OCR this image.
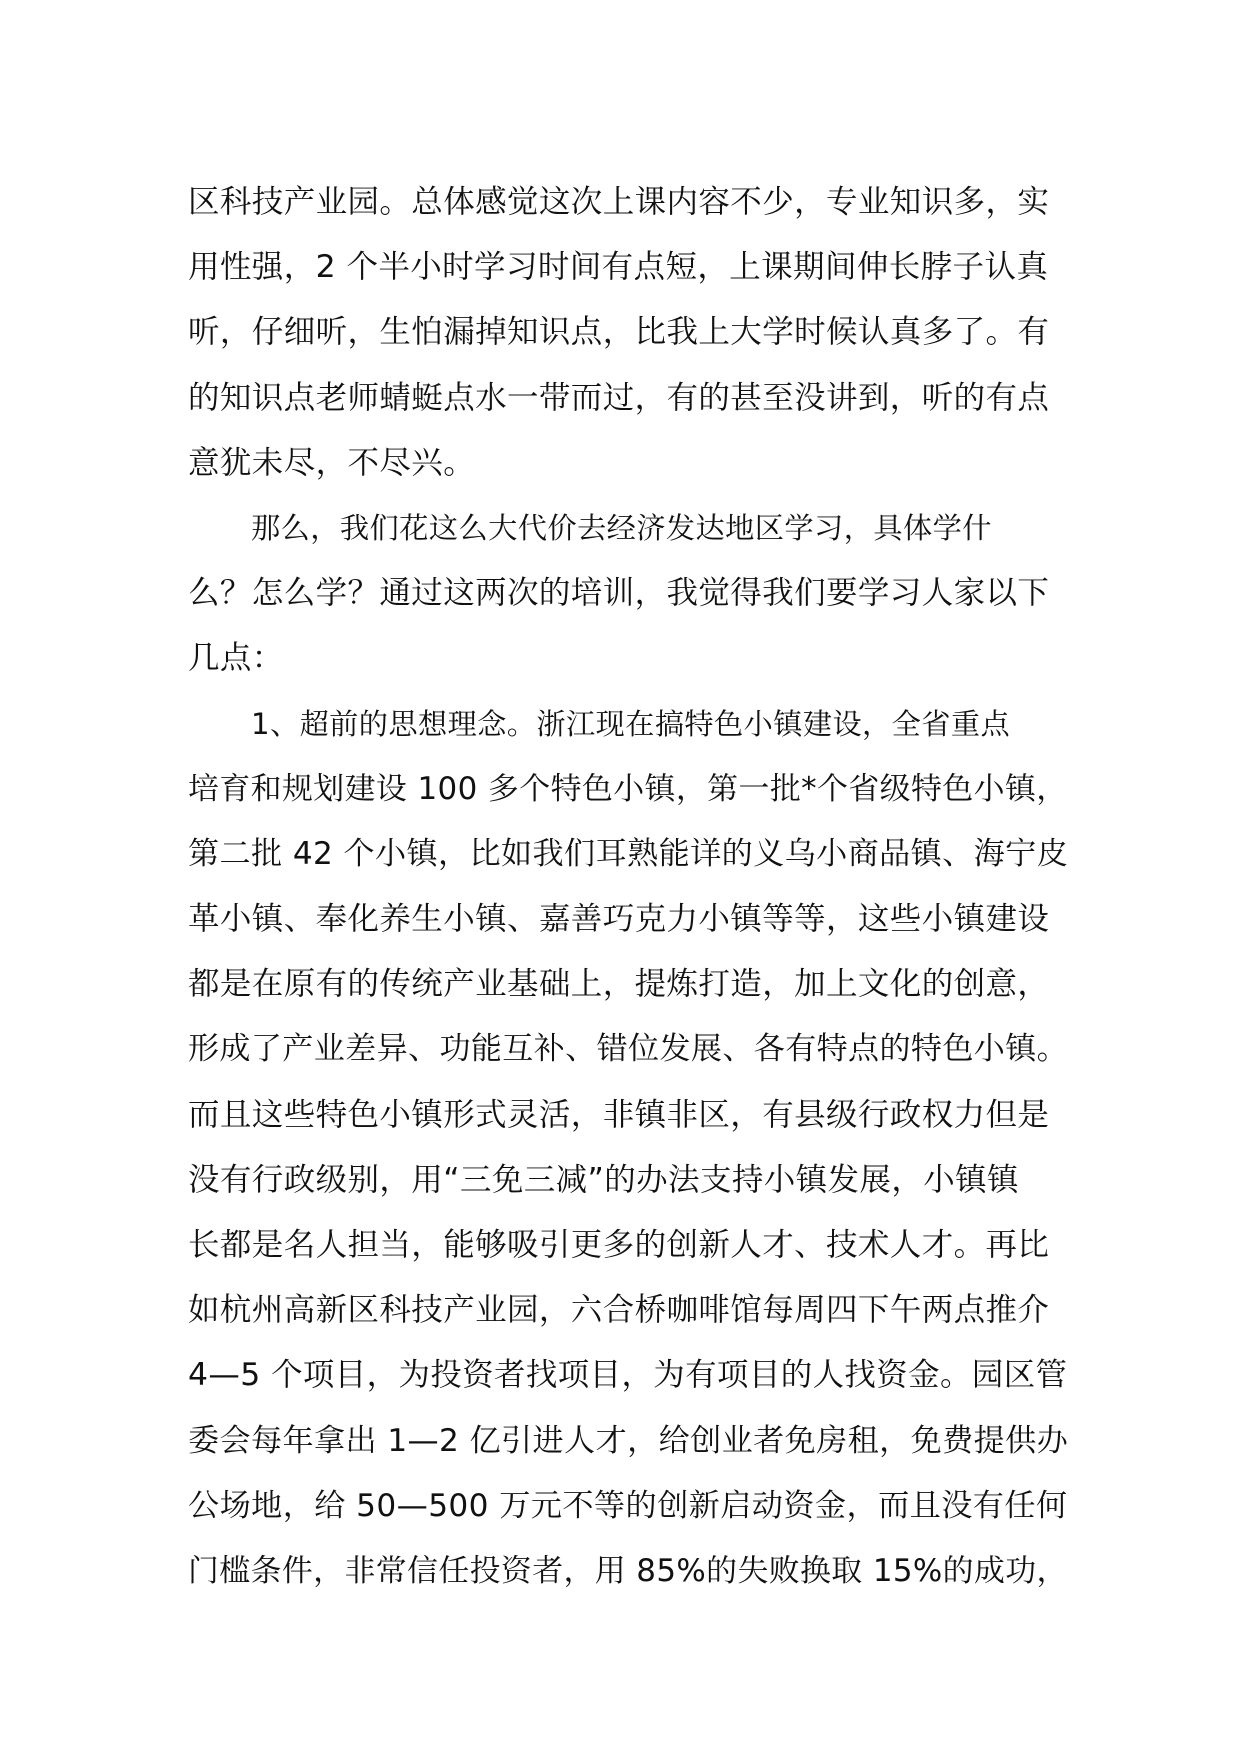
区科技产业园。总体感觉这次上课内容不少，专业知识多，实
用性强，2 个半小时学习时间有点短，上课期间伸长脖子认真
听，仔细听，生怕漏掉知识点，比我上大学时候认真多了。有
的知识点老师蜻蜓点水一带而过，有的甚至没讲到，听的有点
意犹未尽，不尽兴。
那么，我们花这么大代价去经济发达地区学习，具体学什
么？怎么学？通过这两次的培训，我觉得我们要学习人家以下
几点：
1、超前的思想理念。浙江现在搞特色小镇建设，全省重点
培育和规划建设 100 多个特色小镇，第一批*个省级特色小镇，
第二批 42 个小镇，比如我们耳熟能详的义乌小商品镇、海宁皮
革小镇、奉化养生小镇、嘉善巧克力小镇等等，这些小镇建设
都是在原有的传统产业基础上，提炼打造，加上文化的创意，
形成了产业差异、功能互补、错位发展、各有特点的特色小镇。
而且这些特色小镇形式灵活，非镇非区，有县级行政权力但是
没有行政级别，用“三免三减”的办法支持小镇发展，小镇镇
长都是名人担当，能够吸引更多的创新人才、技术人才。再比
如杭州高新区科技产业园，六合桥咖啡馆每周四下午两点推介
4—5 个项目，为投资者找项目，为有项目的人找资金。园区管
委会每年拿出 1—2 亿引进人才，给创业者免房租，免费提供办
公场地，给 50—500 万元不等的创新启动资金，而且没有任何
门槛条件，非常信任投资者，用 85%的失败换取 15%的成功，
